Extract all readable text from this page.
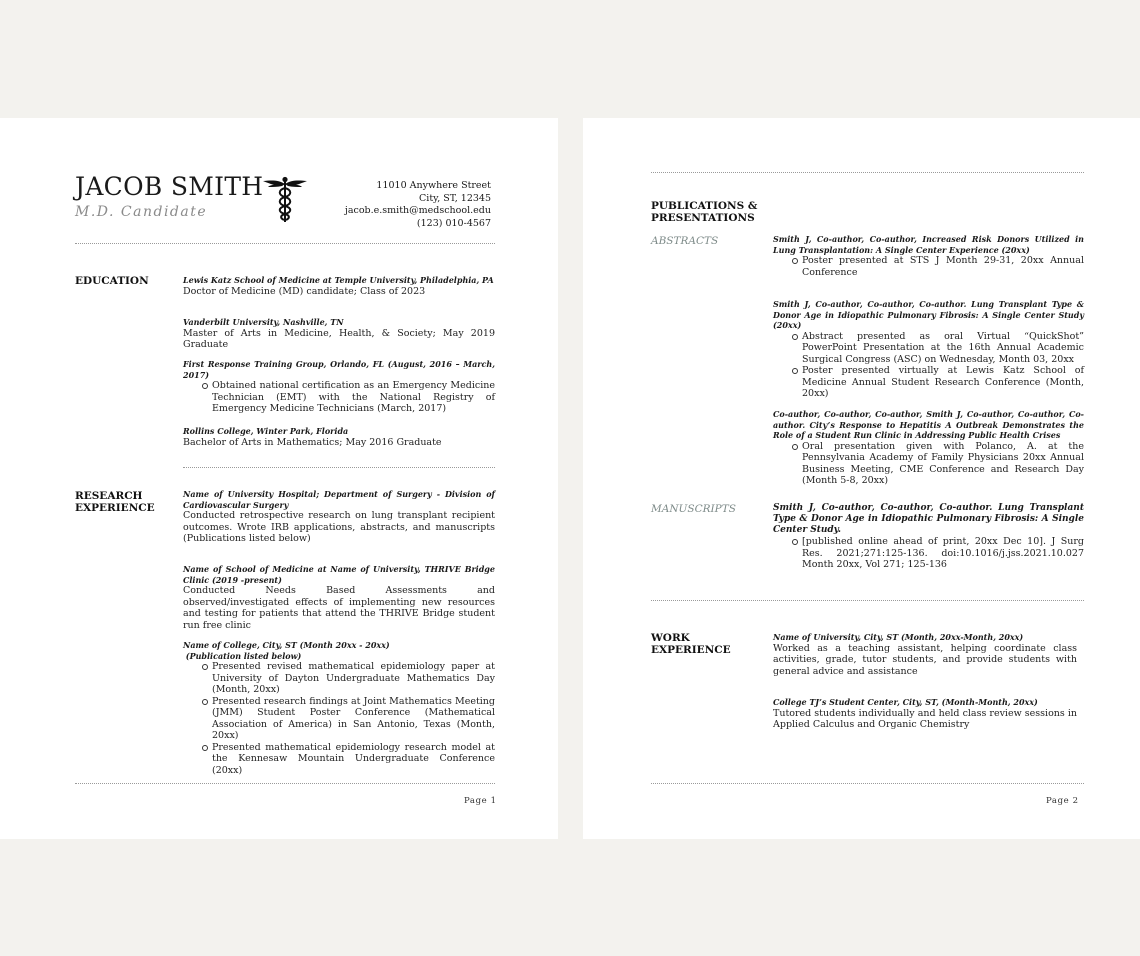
JACOB SMITH
M.D. Candidate
11010 Anywhere Street
City, ST, 12345
jacob.e.smith@medschool.edu
(123) 010-4567
EDUCATION	Lewis Katz School of Medicine at Temple University, Philadelphia, PA
Doctor of Medicine (MD) candidate; Class of 2023
Vanderbilt University, Nashville, TN
Master of Arts in Medicine, Health, & Society; May 2019 Graduate
First Response Training Group, Orlando, FL (August, 2016 – March, 2017)
Obtained national certification as an Emergency Medicine Technician (EMT) with the National Registry of Emergency Medicine Technicians (March, 2017)
Rollins College, Winter Park, Florida
Bachelor of Arts in Mathematics; May 2016 Graduate
RESEARCH
EXPERIENCE
Name of University Hospital; Department of Surgery - Division of Cardiovascular Surgery
Conducted retrospective research on lung transplant recipient outcomes. Wrote IRB applications, abstracts, and manuscripts (Publications listed below)
Name of School of Medicine at Name of University, THRIVE Bridge Clinic (2019 -present)
Conducted Needs Based Assessments and observed/investigated effects of implementing new resources and testing for patients that attend the THRIVE Bridge student run free clinic
Name of College, City, ST (Month 20xx - 20xx)
(Publication listed below)
Presented revised mathematical epidemiology paper at University of Dayton Undergraduate Mathematics Day (Month, 20xx)
Presented research findings at Joint Mathematics Meeting (JMM) Student Poster Conference (Mathematical Association of America) in San Antonio, Texas (Month, 20xx)
Presented mathematical epidemiology research model at the Kennesaw Mountain Undergraduate Conference (20xx)
Page 1
PUBLICATIONS &
PRESENTATIONS
ABSTRACTS	Smith J, Co-author, Co-author, Increased Risk Donors Utilized in Lung Transplantation: A Single Center Experience (20xx)
Poster presented at STS J Month 29-31, 20xx Annual Conference
Smith J, Co-author, Co-author, Co-author. Lung Transplant Type & Donor Age in Idiopathic Pulmonary Fibrosis: A Single Center Study (20xx)
Abstract presented as oral Virtual “QuickShot” PowerPoint Presentation at the 16th Annual Academic Surgical Congress (ASC) on Wednesday, Month 03, 20xx
Poster presented virtually at Lewis Katz School of Medicine Annual Student Research Conference (Month, 20xx)
Co-author, Co-author, Co-author, Smith J, Co-author, Co-author, Co-author. City’s Response to Hepatitis A Outbreak Demonstrates the Role of a Student Run Clinic in Addressing Public Health Crises
Oral presentation given with Polanco, A. at the Pennsylvania Academy of Family Physicians 20xx Annual Business Meeting, CME Conference and Research Day (Month 5-8, 20xx)
MANUSCRIPTS	Smith J, Co-author, Co-author, Co-author. Lung Transplant Type & Donor Age in Idiopathic Pulmonary Fibrosis: A Single Center Study.
[published online ahead of print, 20xx Dec 10]. J Surg Res. 2021;271:125-136. doi:10.1016/j.jss.2021.10.027 Month 20xx, Vol 271; 125-136
WORK
EXPERIENCE
Name of University, City, ST (Month, 20xx-Month, 20xx)
Worked as a teaching assistant, helping coordinate class activities, grade, tutor students, and provide students with general advice and assistance
College TJ’s Student Center, City, ST, (Month-Month, 20xx)
Tutored students individually and held class review sessions in Applied Calculus and Organic Chemistry
Page 2
